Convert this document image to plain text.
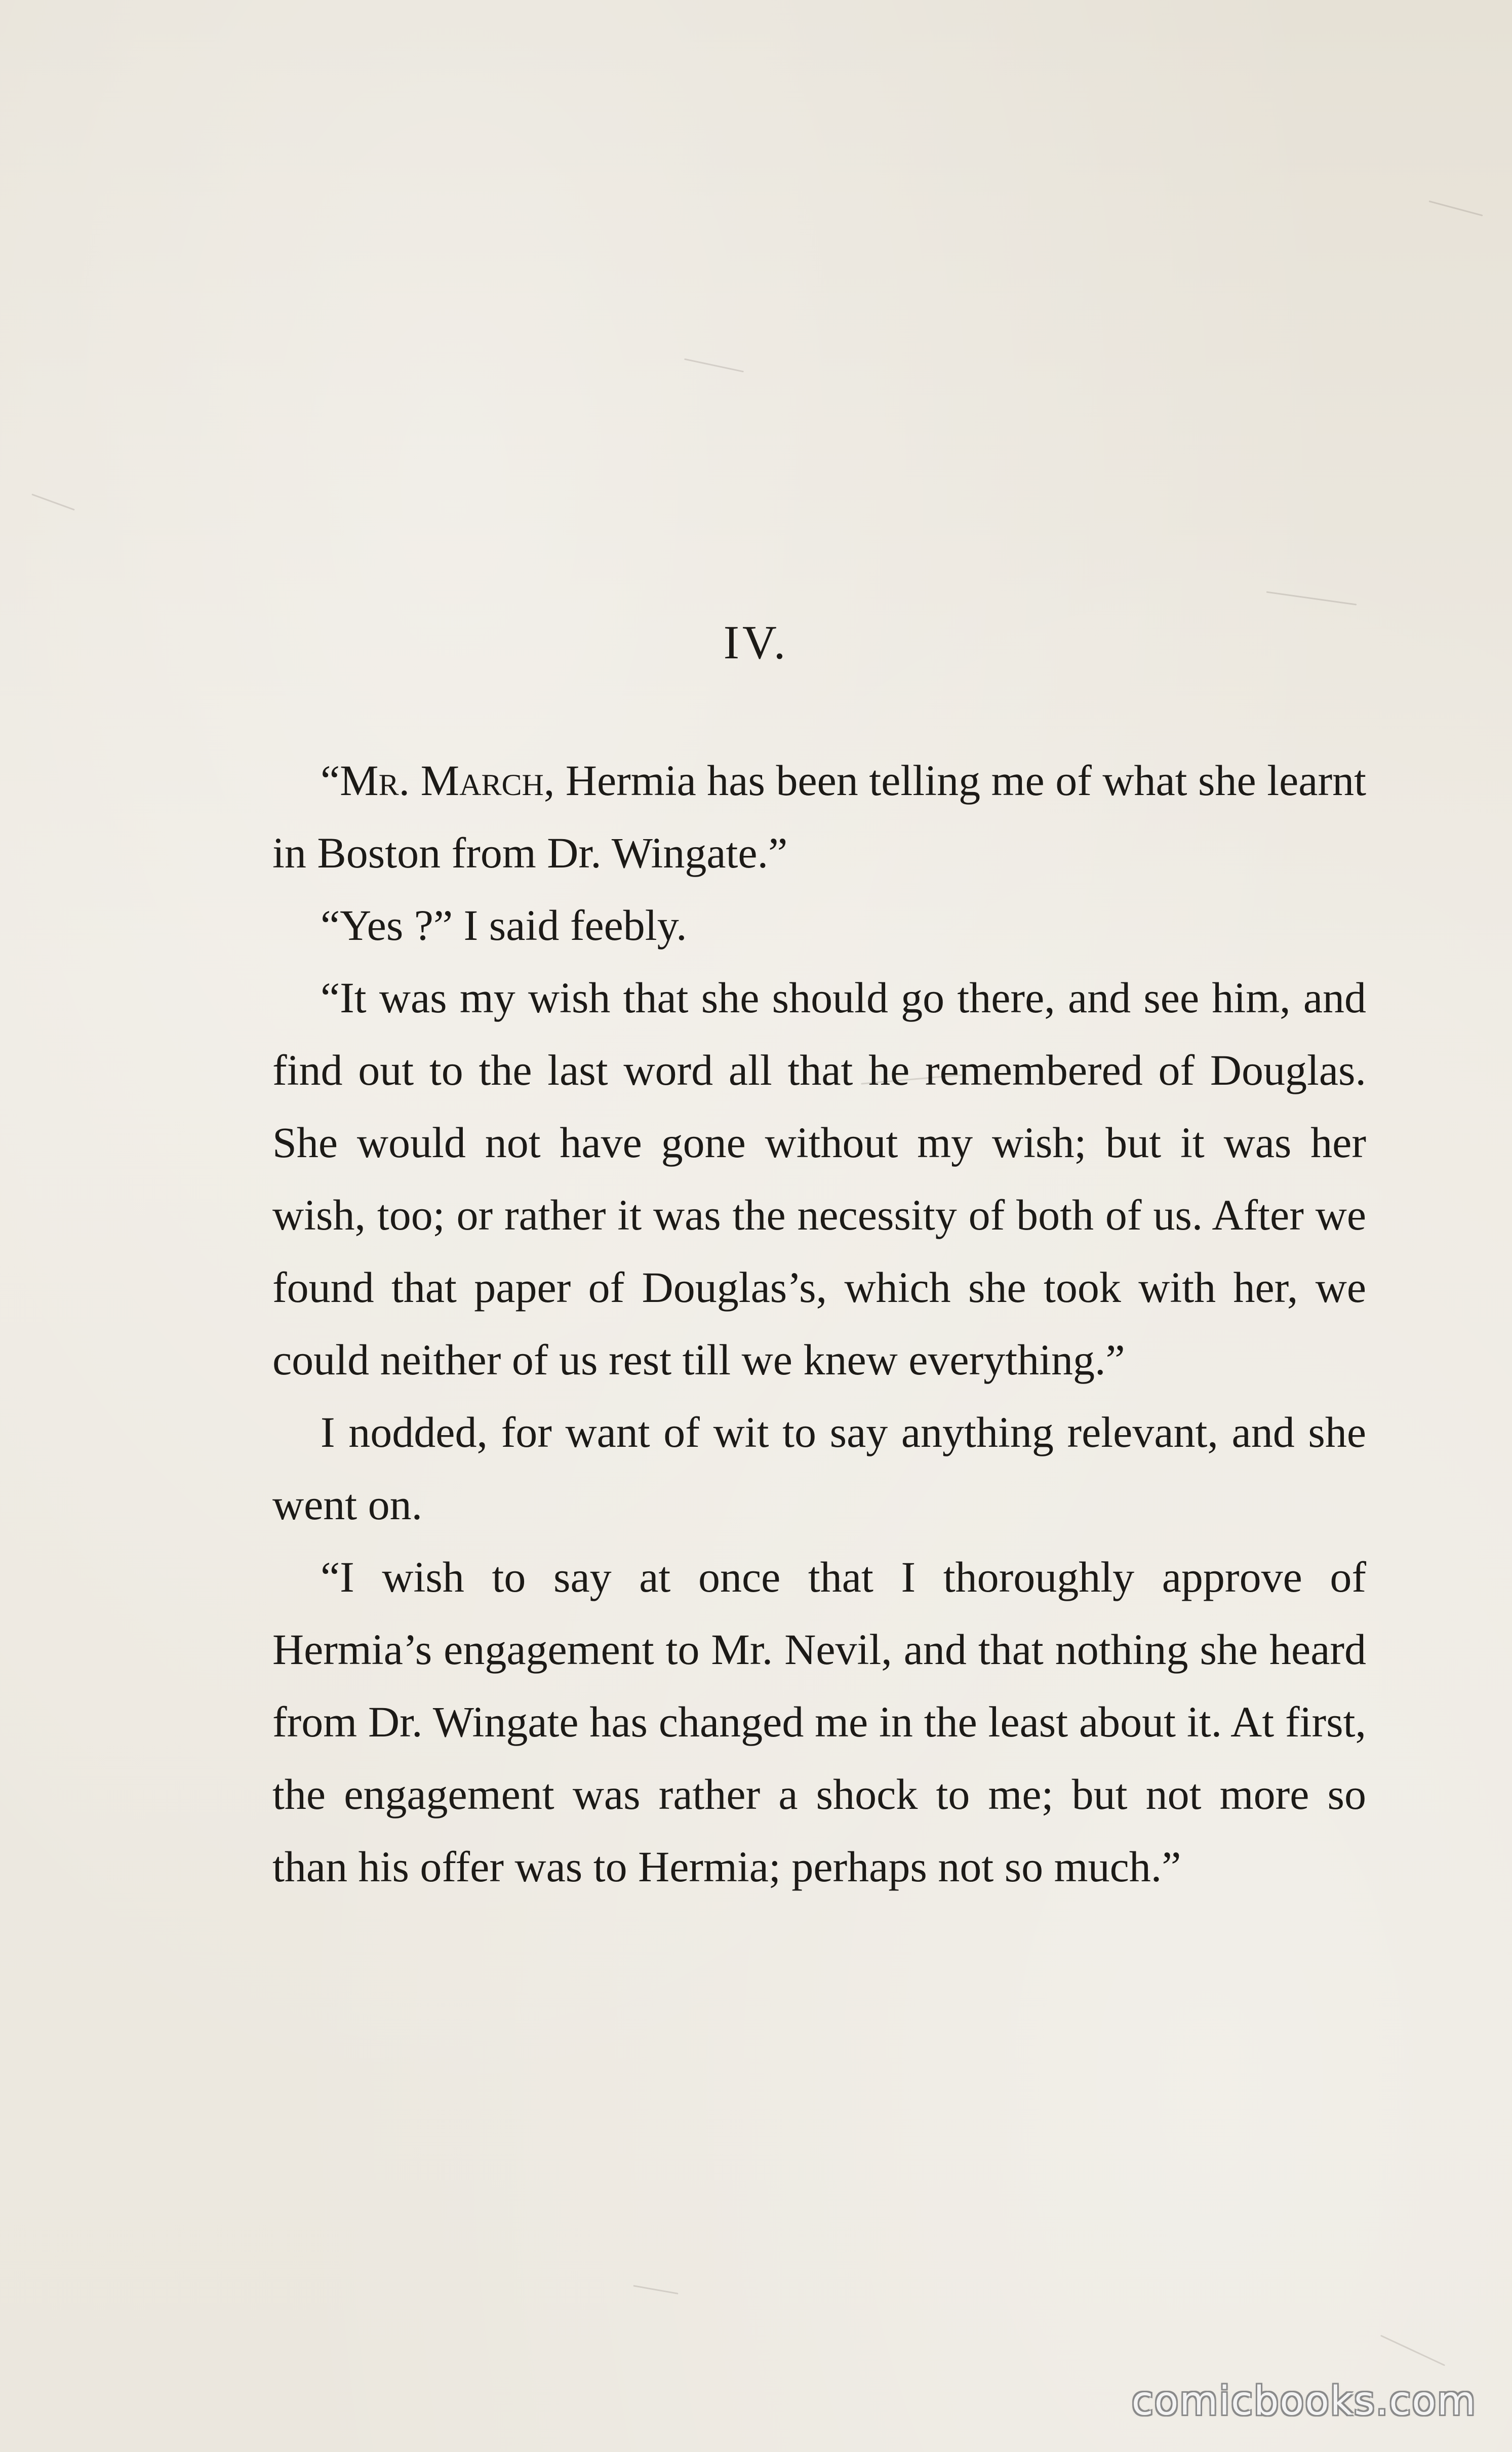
IV.

“Mr. March, Hermia has been telling me of what she learnt in Boston from Dr. Wingate.”

“Yes ?” I said feebly.

“It was my wish that she should go there, and see him, and find out to the last word all that he remembered of Douglas. She would not have gone without my wish; but it was her wish, too; or rather it was the necessity of both of us. After we found that paper of Douglas’s, which she took with her, we could neither of us rest till we knew everything.”

I nodded, for want of wit to say anything relevant, and she went on.

“I wish to say at once that I thoroughly approve of Hermia’s engagement to Mr. Nevil, and that nothing she heard from Dr. Wingate has changed me in the least about it. At first, the engagement was rather a shock to me; but not more so than his offer was to Hermia; perhaps not so much.”

comicbooks.com
